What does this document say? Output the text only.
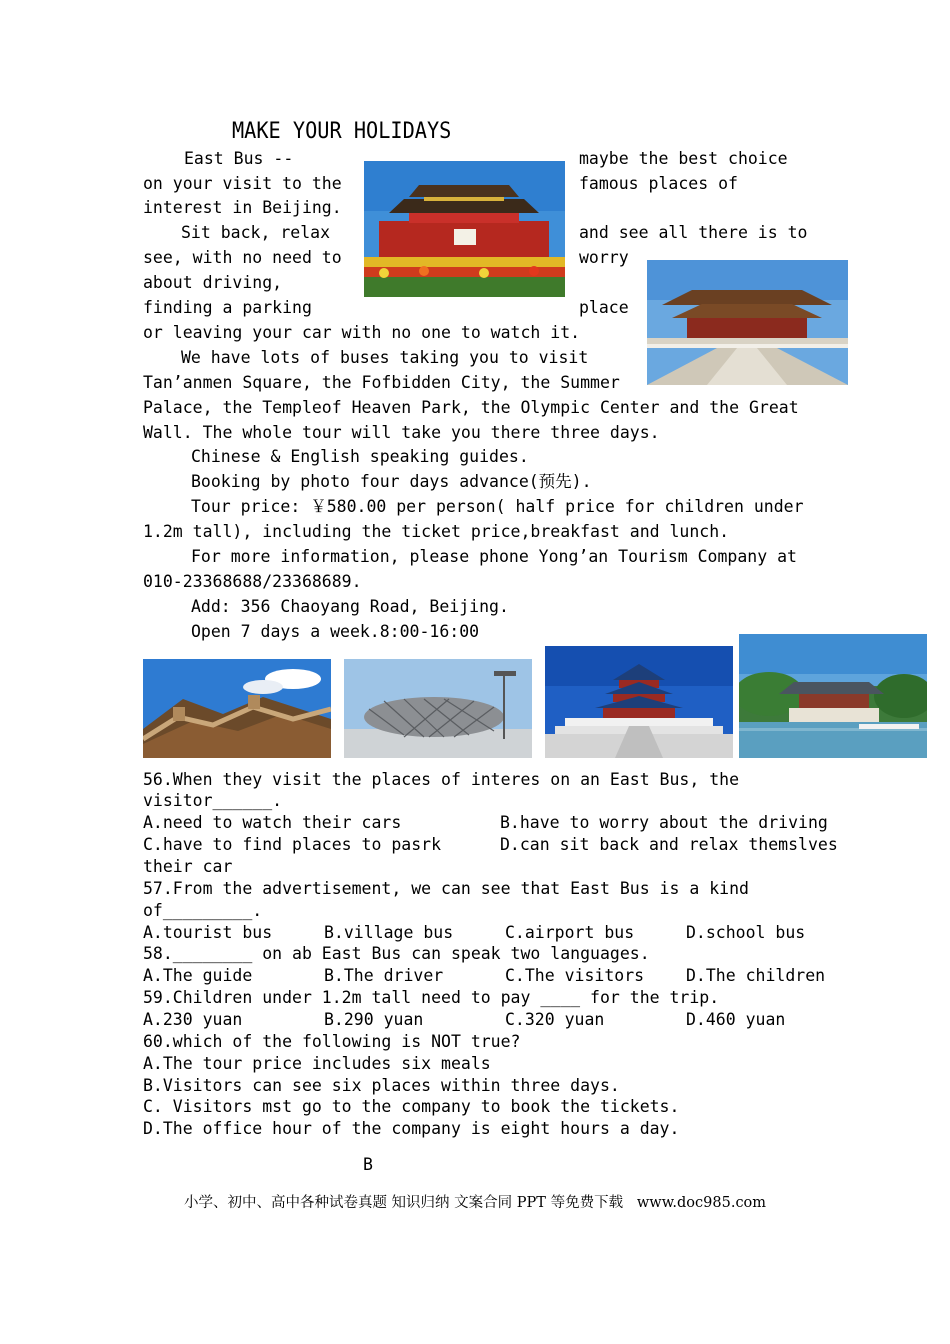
MAKE YOUR HOLIDAYS
East Bus --	maybe the best choice
on your visit to the	famous places of
interest in Beijing.
Sit back, relax	and see all there is to
see, with no need to	worry
about driving,
finding a parking	place
or leaving your car with no one to watch it.
We have lots of buses taking you to visit
Tan’anmen Square, the Fofbidden City, the Summer
Palace, the Templeof Heaven Park, the Olympic Center and the Great
Wall. The whole tour will take you there three days.
Chinese & English speaking guides.
Booking by photo four days advance(预先).
Tour price: ￥580.00 per person( half price for children under
1.2m tall), including the ticket price,breakfast and lunch.
For more information, please phone Yong’an Tourism Company at
010-23368688/23368689.
Add: 356 Chaoyang Road, Beijing.
Open 7 days a week.8:00-16:00
56.When they visit the places of interes on an East Bus, the
visitor______.
A.need to watch their cars	B.have to worry about the driving
C.have to find places to pasrk	D.can sit back and relax themslves
their car
57.From the advertisement, we can see that East Bus is a kind
of_________.
A.tourist bus	B.village bus	C.airport bus	D.school bus
58.________ on ab East Bus can speak two languages.
A.The guide	B.The driver	C.The visitors	D.The children
59.Children under 1.2m tall need to pay ____ for the trip.
A.230 yuan	B.290 yuan	C.320 yuan	D.460 yuan
60.which of the following is NOT true?
A.The tour price includes six meals
B.Visitors can see six places within three days.
C. Visitors mst go to the company to book the tickets.
D.The office hour of the company is eight hours a day.
B
小学、初中、高中各种试卷真题 知识归纳 文案合同 PPT 等免费下载   www.doc985.com
